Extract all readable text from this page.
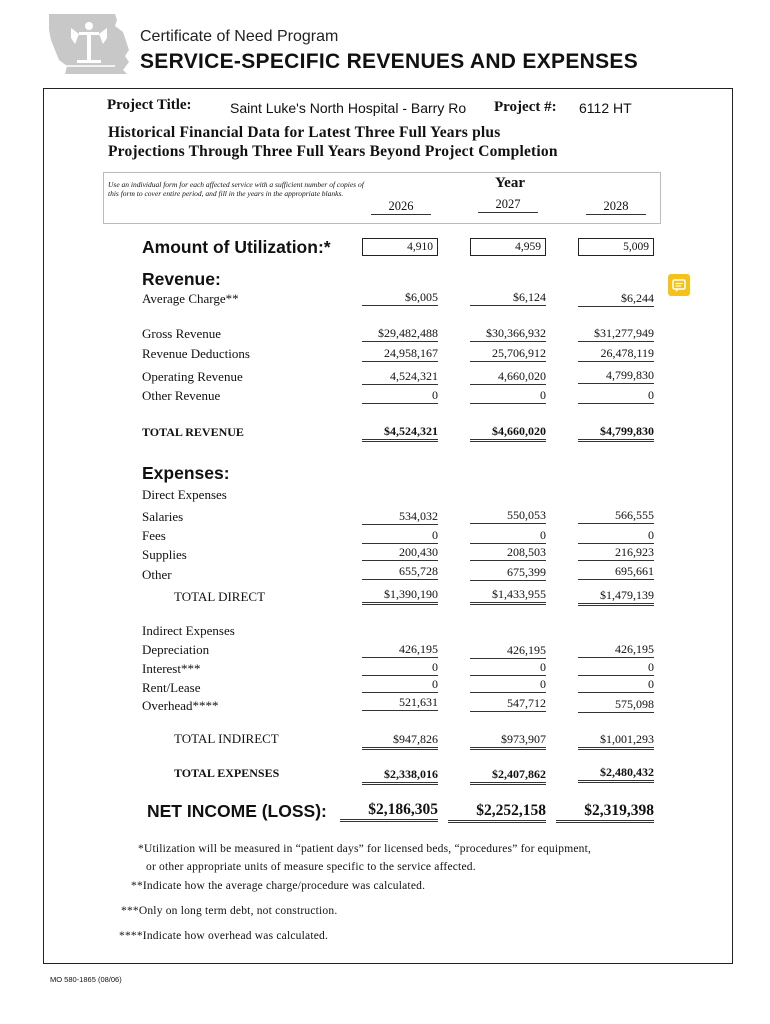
Certificate of Need Program
SERVICE-SPECIFIC REVENUES AND EXPENSES
Project Title:	Saint Luke's North Hospital - Barry Ro Project #: 6112 HT
Historical Financial Data for Latest Three Full Years plus
Projections Through Three Full Years Beyond Project Completion
Use an individual form for each affected service with a sufficient number of copies of this form to cover entire period, and fill in the years in the appropriate blanks.
Year
2026	2027	2028
Amount of Utilization:*	4,910	4,959	5,009
Revenue:
Average Charge**	$6,005	$6,124	$6,244
Gross Revenue	$29,482,488	$30,366,932	$31,277,949
Revenue Deductions	24,958,167	25,706,912	26,478,119
Operating Revenue	4,524,321	4,660,020	4,799,830
Other Revenue	0	0	0
TOTAL REVENUE	$4,524,321	$4,660,020	$4,799,830
Expenses:
Direct Expenses
Salaries	534,032	550,053	566,555
Fees	0	0	0
Supplies	200,430	208,503	216,923
Other	655,728	675,399	695,661
TOTAL DIRECT	$1,390,190	$1,433,955	$1,479,139
Indirect Expenses
Depreciation	426,195	426,195	426,195
Interest***	0	0	0
Rent/Lease	0	0	0
Overhead****	521,631	547,712	575,098
TOTAL INDIRECT	$947,826	$973,907	$1,001,293
TOTAL EXPENSES	$2,338,016	$2,407,862	$2,480,432
NET INCOME (LOSS):	$2,186,305	$2,252,158	$2,319,398
*Utilization will be measured in “patient days” for licensed beds, “procedures” for equipment,
or other appropriate units of measure specific to the service affected.
**Indicate how the average charge/procedure was calculated.
***Only on long term debt, not construction.
****Indicate how overhead was calculated.
MO 580-1865 (08/06)
